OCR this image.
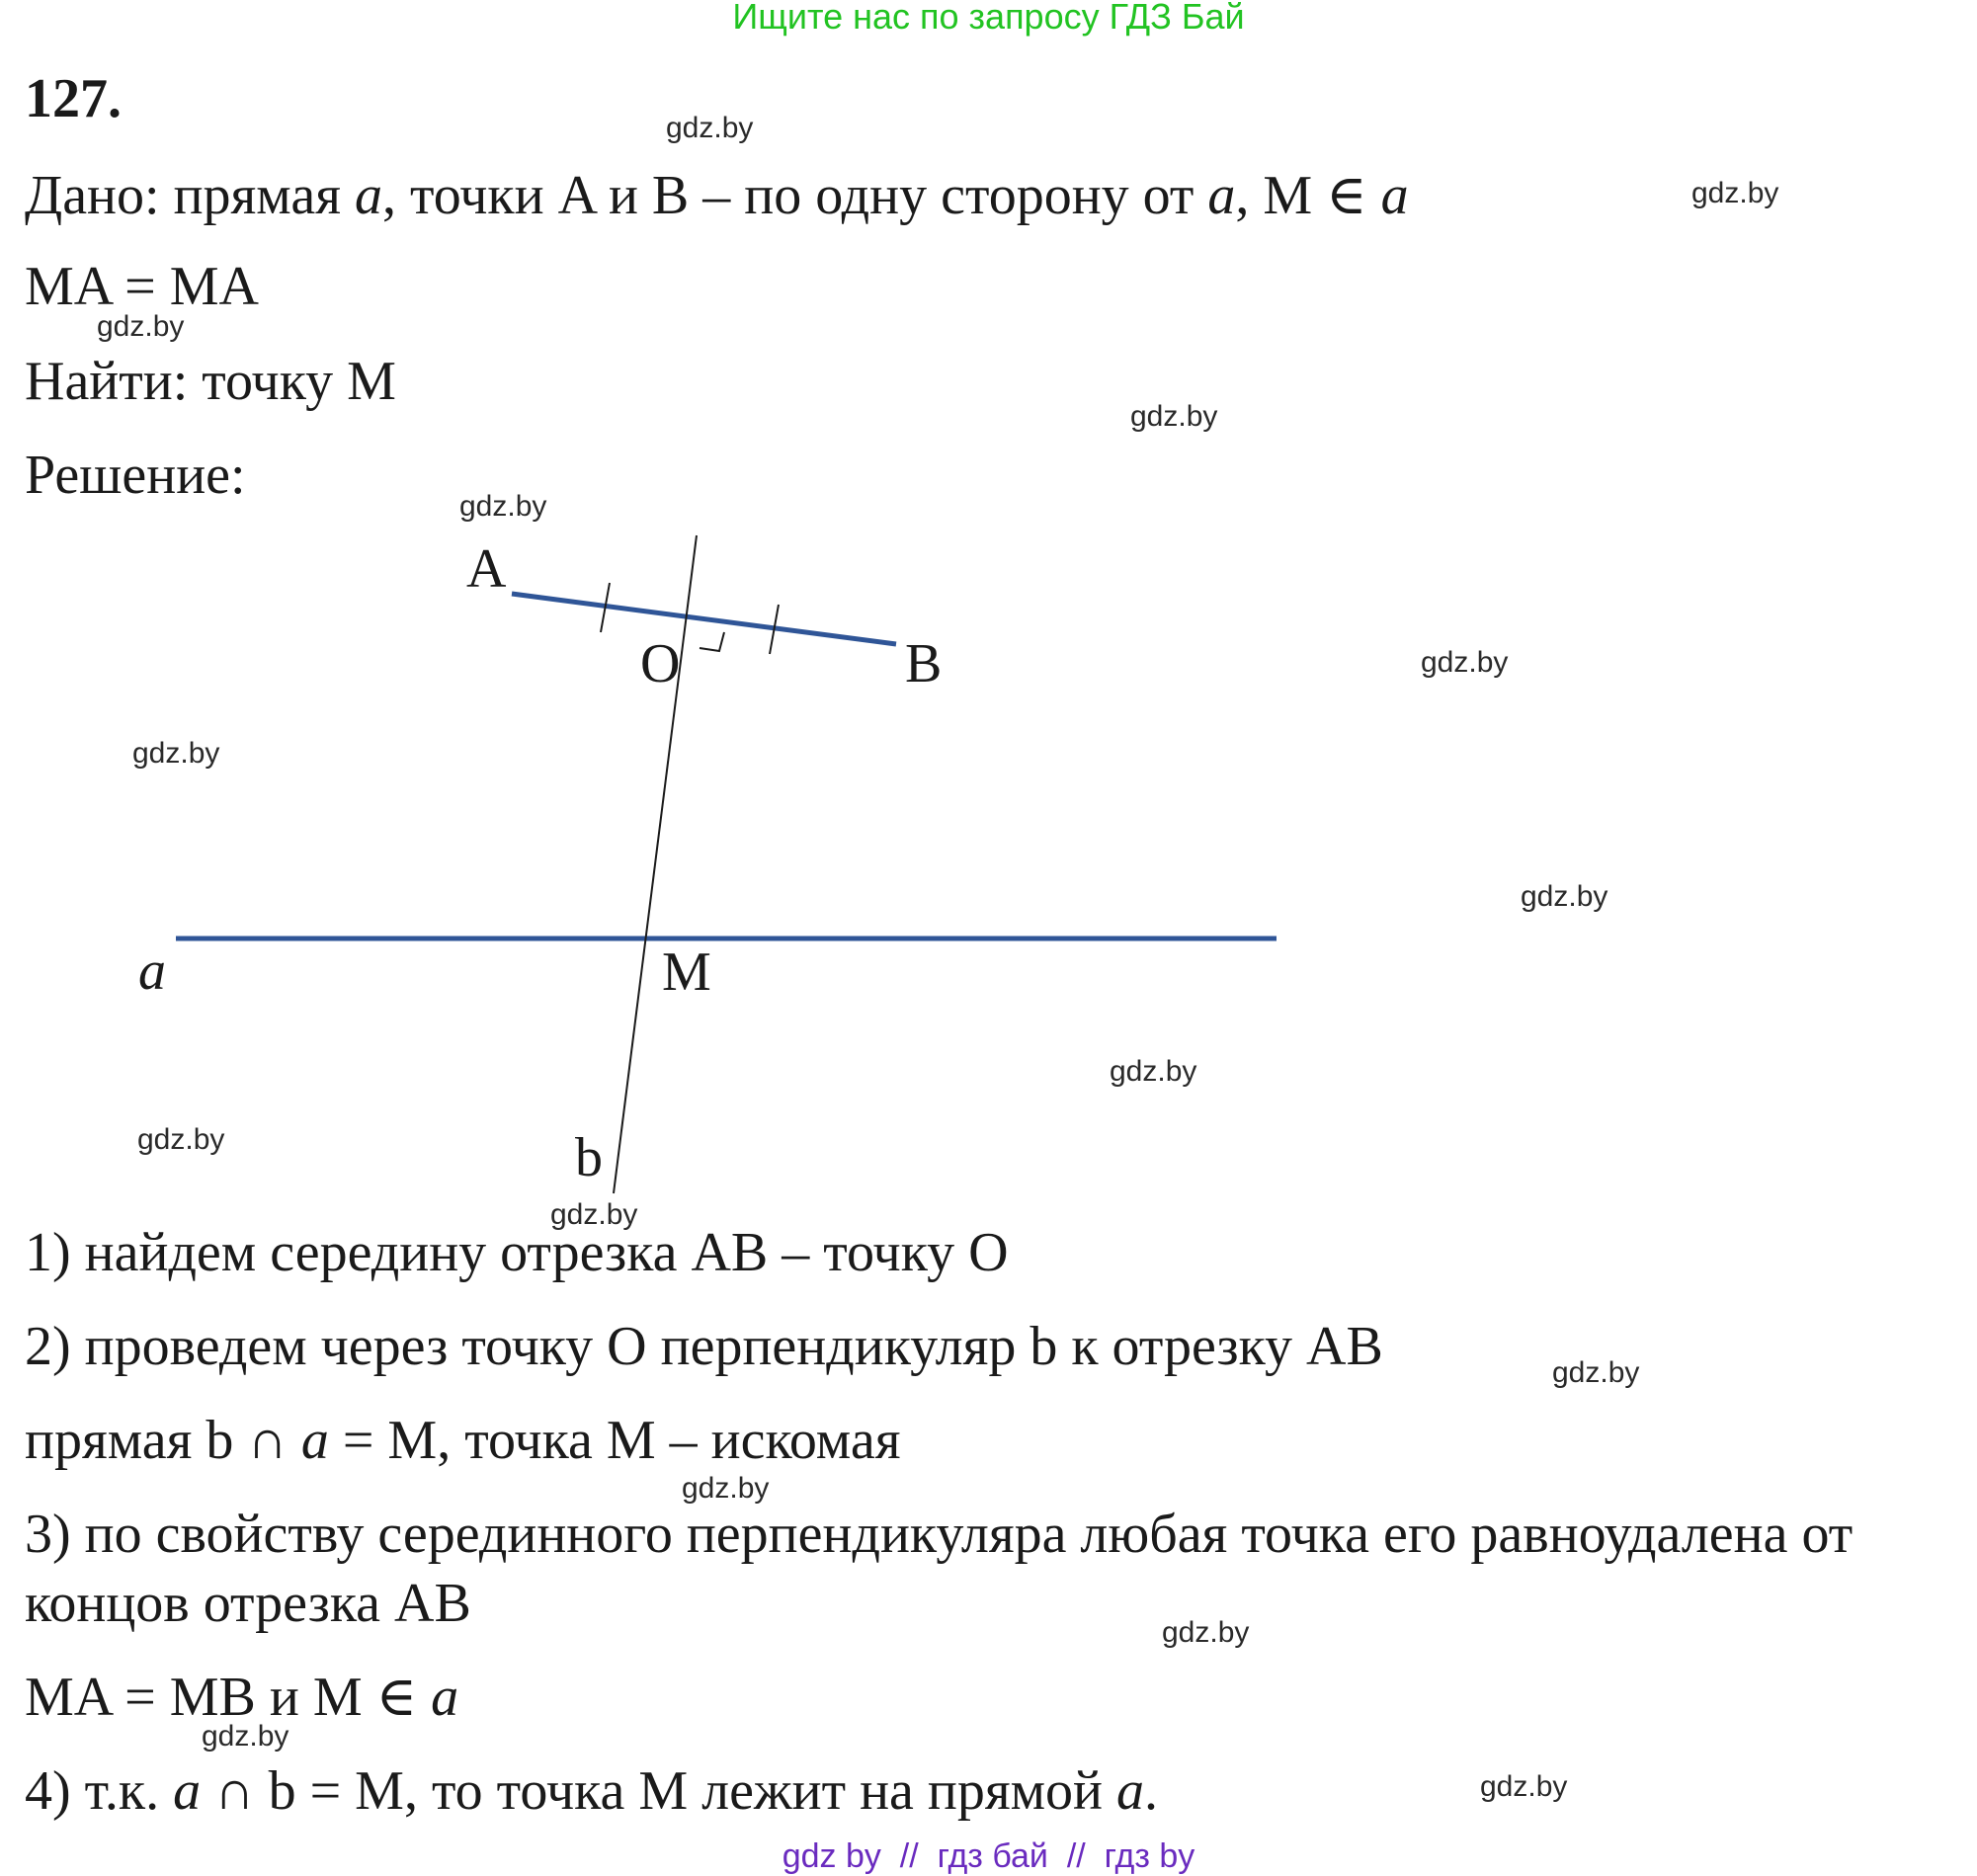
Ищите нас по запросу ГДЗ Бай
127.
Дано: прямая a, точки A и B – по одну сторону от a, M ∈ a
MA = MA
Найти: точку M
Решение:
A
B
O
M
a
b
1) найдем середину отрезка AB – точку O
2) проведем через точку O перпендикуляр b к отрезку AB
прямая b ∩ a = M, точка M – искомая
3) по свойству серединного перпендикуляра любая точка его равноудалена от
концов отрезка AB
MA = MB и M ∈ a
4) т.к. a ∩ b = M, то точка M лежит на прямой a.
gdz.by
gdz.by
gdz.by
gdz.by
gdz.by
gdz.by
gdz.by
gdz.by
gdz.by
gdz.by
gdz.by
gdz.by
gdz.by
gdz.by
gdz.by
gdz.by
gdz by  //  гдз бай  //  гдз by
